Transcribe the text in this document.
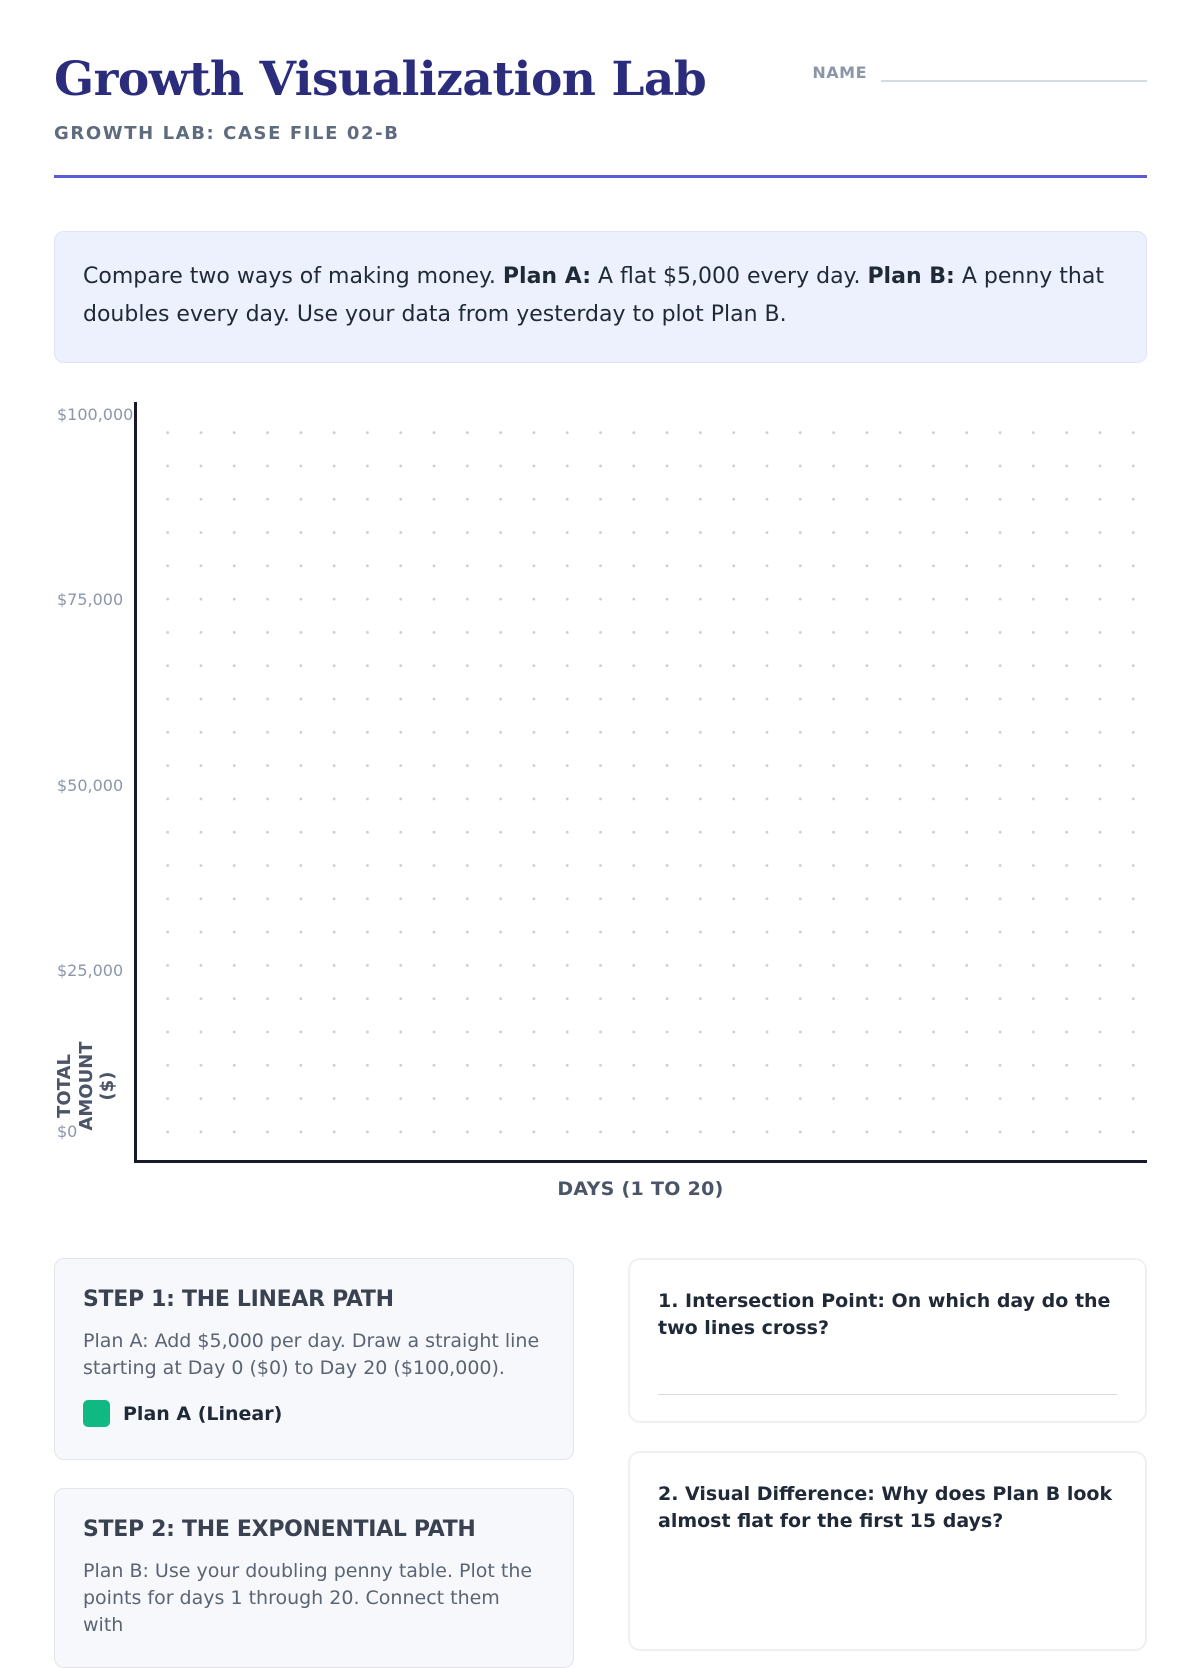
Growth Visualization Lab
GROWTH LAB: CASE FILE 02-B
NAME
Compare two ways of making money. Plan A: A flat $5,000 every day. Plan B: A penny that doubles every day. Use your data from yesterday to plot Plan B.
$100,000
$75,000
$50,000
$25,000
$0
TOTAL AMOUNT ($)
DAYS (1 TO 20)
STEP 1: THE LINEAR PATH

Plan A: Add $5,000 per day. Draw a straight line starting at Day 0 ($0) to Day 20 ($100,000).

Plan A (Linear)
STEP 2: THE EXPONENTIAL PATH

Plan B: Use your doubling penny table. Plot the points for days 1 through 20. Connect them with

1. Intersection Point: On which day do the two lines cross?
2. Visual Difference: Why does Plan B look almost flat for the first 15 days?
